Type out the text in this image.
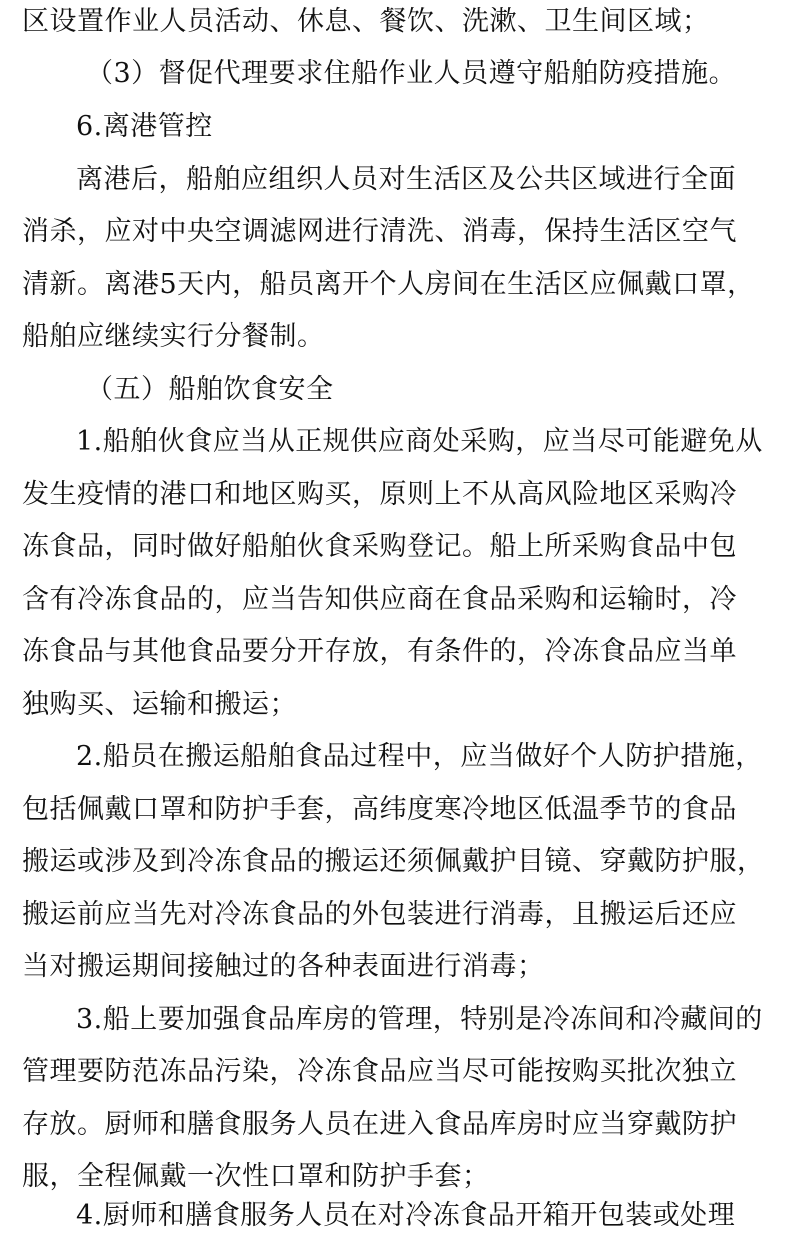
区设置作业人员活动、休息、餐饮、洗漱、卫生间区域；
（3）督促代理要求住船作业人员遵守船舶防疫措施。
6.离港管控
离港后，船舶应组织人员对生活区及公共区域进行全面
消杀，应对中央空调滤网进行清洗、消毒，保持生活区空气
清新。离港5天内，船员离开个人房间在生活区应佩戴口罩，
船舶应继续实行分餐制。
（五）船舶饮食安全
1.船舶伙食应当从正规供应商处采购，应当尽可能避免从
发生疫情的港口和地区购买，原则上不从高风险地区采购冷
冻食品，同时做好船舶伙食采购登记。船上所采购食品中包
含有冷冻食品的，应当告知供应商在食品采购和运输时，冷
冻食品与其他食品要分开存放，有条件的，冷冻食品应当单
独购买、运输和搬运；
2.船员在搬运船舶食品过程中，应当做好个人防护措施，
包括佩戴口罩和防护手套，高纬度寒冷地区低温季节的食品
搬运或涉及到冷冻食品的搬运还须佩戴护目镜、穿戴防护服，
搬运前应当先对冷冻食品的外包装进行消毒，且搬运后还应
当对搬运期间接触过的各种表面进行消毒；
3.船上要加强食品库房的管理，特别是冷冻间和冷藏间的
管理要防范冻品污染，冷冻食品应当尽可能按购买批次独立
存放。厨师和膳食服务人员在进入食品库房时应当穿戴防护
服，全程佩戴一次性口罩和防护手套；
4.厨师和膳食服务人员在对冷冻食品开箱开包装或处理
